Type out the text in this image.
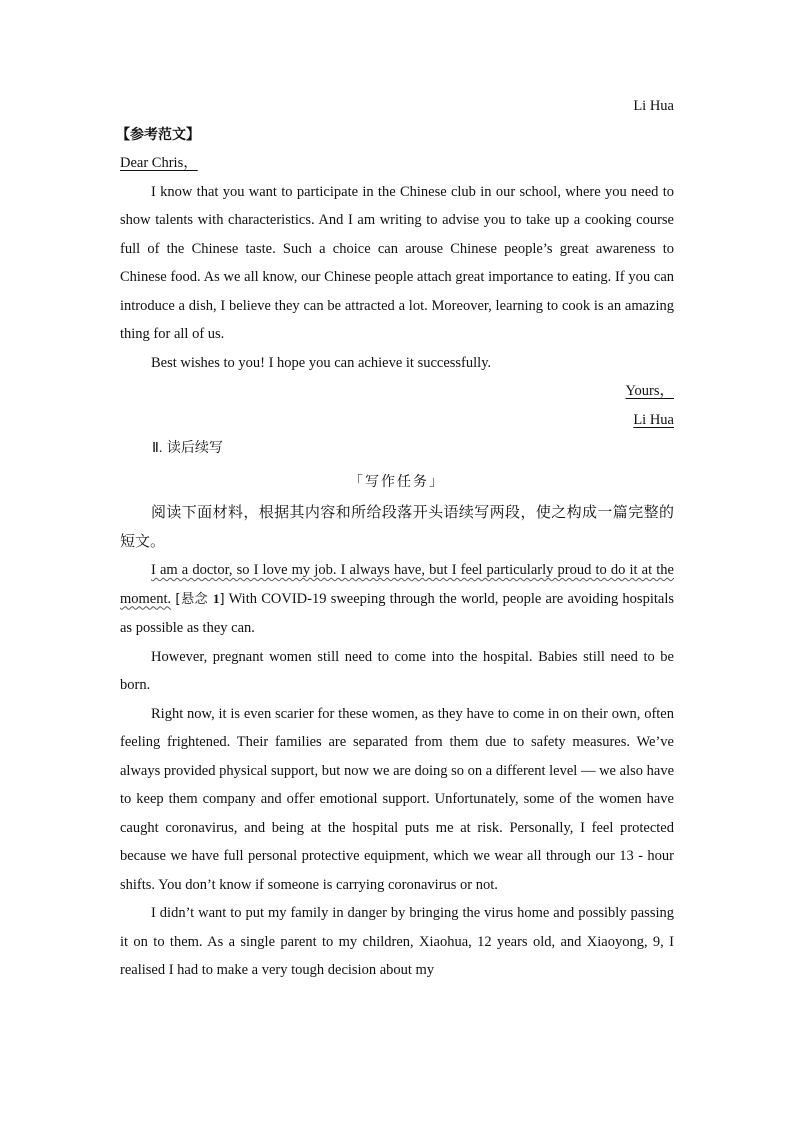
Li Hua
【参考范文】
Dear Chris，

I know that you want to participate in the Chinese club in our school, where you need to show talents with characteristics. And I am writing to advise you to take up a cooking course full of the Chinese taste. Such a choice can arouse Chinese people’s great awareness to Chinese food. As we all know, our Chinese people attach great importance to eating. If you can introduce a dish, I believe they can be attracted a lot. Moreover, learning to cook is an amazing thing for all of us.

Best wishes to you! I hope you can achieve it successfully.

Yours，
Li Hua
Ⅱ. 读后续写
「写作任务」

阅读下面材料，根据其内容和所给段落开头语续写两段，使之构成一篇完整的短文。

I am a doctor, so I love my job. I always have, but I feel particularly proud to do it at the moment. [悬念 1] With COVID-19 sweeping through the world, people are avoiding hospitals as possible as they can.

However, pregnant women still need to come into the hospital. Babies still need to be born.

Right now, it is even scarier for these women, as they have to come in on their own, often feeling frightened. Their families are separated from them due to safety measures. We’ve always provided physical support, but now we are doing so on a different level — we also have to keep them company and offer emotional support. Unfortunately, some of the women have caught coronavirus, and being at the hospital puts me at risk. Personally, I feel protected because we have full personal protective equipment, which we wear all through our 13 - hour shifts. You don’t know if someone is carrying coronavirus or not.

I didn’t want to put my family in danger by bringing the virus home and possibly passing it on to them. As a single parent to my children, Xiaohua, 12 years old, and Xiaoyong, 9, I realised I had to make a very tough decision about my
